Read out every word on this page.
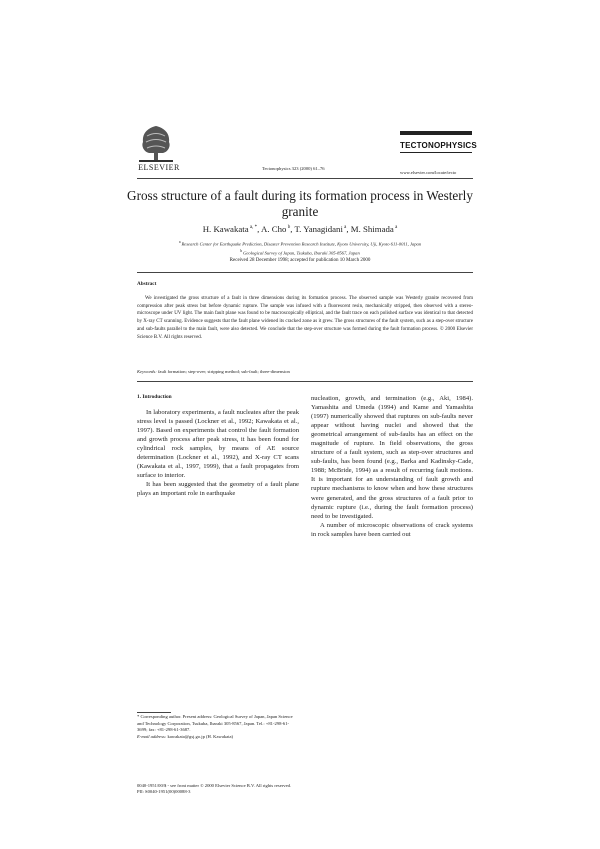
ELSEVIER	Tectonophysics 323 (2000) 61–76
TECTONOPHYSICS
www.elsevier.com/locate/tecto
Gross structure of a fault during its formation process in Westerly granite
H. Kawakata $^{a, *}$, A. Cho $^b$, T. Yanagidani $^a$, M. Shimada $^a$
$^a$ Research Center for Earthquake Prediction, Disaster Prevention Research Institute, Kyoto University, Uji, Kyoto 611-0011, Japan
$^b$ Geological Survey of Japan, Tsukuba, Ibaraki 305-8567, Japan
Received 28 December 1998; accepted for publication 10 March 2000
Abstract
We investigated the gross structure of a fault in three dimensions during its formation process. The observed sample was Westerly granite recovered from compression after peak stress but before dynamic rupture. The sample was infused with a fluorescent resin, mechanically stripped, then observed with a stereo-microscope under UV light. The main fault plane was found to be macroscopically elliptical, and the fault trace on each polished surface was identical to that detected by X-ray CT scanning. Evidence suggests that the fault plane widened its cracked zone as it grew. The gross structures of the fault system, such as a step-over structure and sub-faults parallel to the main fault, were also detected. We conclude that the step-over structure was formed during the fault formation process. © 2000 Elsevier Science B.V. All rights reserved.
Keywords: fault formation; step-over; stripping method; sub-fault; three-dimension
1. Introduction

In laboratory experiments, a fault nucleates after the peak stress level is passed (Lockner et al., 1992; Kawakata et al., 1997). Based on experiments that control the fault formation and growth process after peak stress, it has been found for cylindrical rock samples, by means of AE source determination (Lockner et al., 1992), and X-ray CT scans (Kawakata et al., 1997, 1999), that a fault propagates from surface to interior.

It has been suggested that the geometry of a fault plane plays an important role in earthquake

nucleation, growth, and termination (e.g., Aki, 1984). Yamashita and Umeda (1994) and Kame and Yamashita (1997) numerically showed that ruptures on sub-faults never appear without having nuclei and showed that the geometrical arrangement of sub-faults has an effect on the magnitude of rupture. In field observations, the gross structure of a fault system, such as step-over structures and sub-faults, has been found (e.g., Barka and Kadinsky-Cade, 1988; McBride, 1994) as a result of recurring fault motions. It is important for an understanding of fault growth and rupture mechanisms to know when and how these structures were generated, and the gross structures of a fault prior to dynamic rupture (i.e., during the fault formation process) need to be investigated.

A number of microscopic observations of crack systems in rock samples have been carried out

* Corresponding author. Present address: Geological Survey of Japan, Japan Science and Technology Corporation, Tsukuba, Ibaraki 305-8567, Japan. Tel.: +81-298-61-3699; fax: +81-298-61-3687.
E-mail address: kawakata@gsj.go.jp (H. Kawakata)
0040-1951/00/$ - see front matter © 2000 Elsevier Science B.V. All rights reserved.
PII: S0040-1951(00)00088-3
